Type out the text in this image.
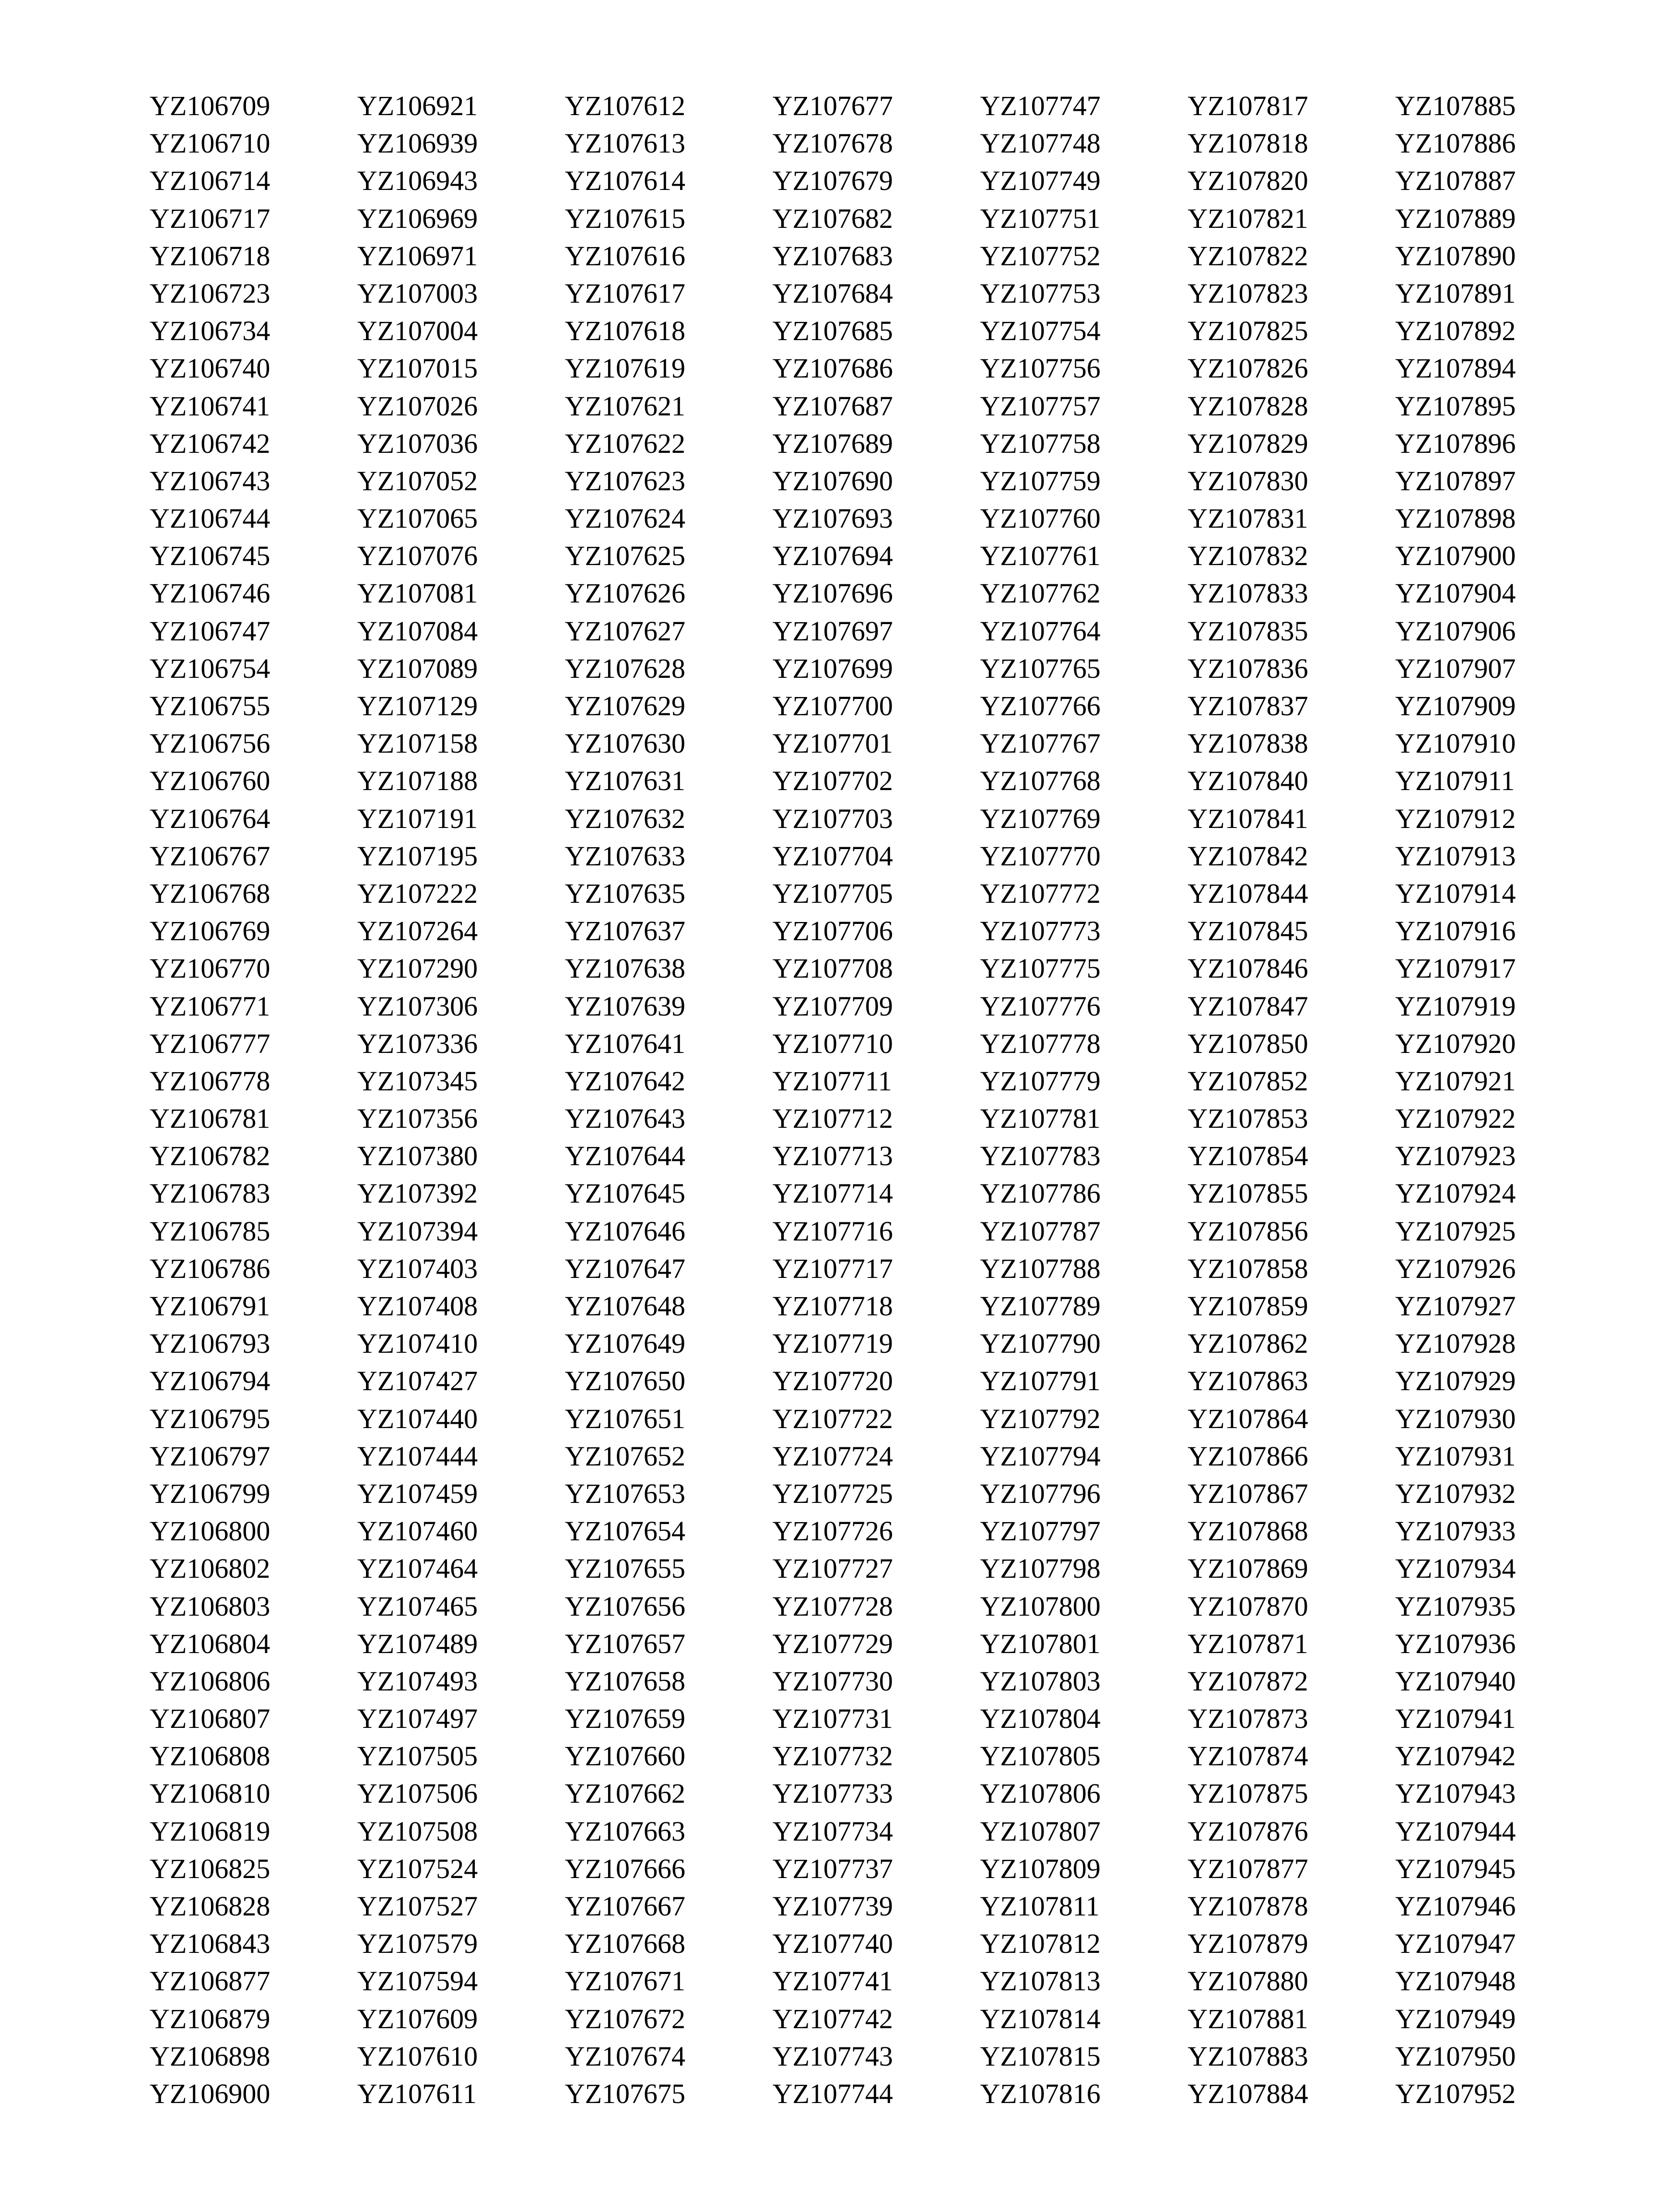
YZ106709
YZ106710
YZ106714
YZ106717
YZ106718
YZ106723
YZ106734
YZ106740
YZ106741
YZ106742
YZ106743
YZ106744
YZ106745
YZ106746
YZ106747
YZ106754
YZ106755
YZ106756
YZ106760
YZ106764
YZ106767
YZ106768
YZ106769
YZ106770
YZ106771
YZ106777
YZ106778
YZ106781
YZ106782
YZ106783
YZ106785
YZ106786
YZ106791
YZ106793
YZ106794
YZ106795
YZ106797
YZ106799
YZ106800
YZ106802
YZ106803
YZ106804
YZ106806
YZ106807
YZ106808
YZ106810
YZ106819
YZ106825
YZ106828
YZ106843
YZ106877
YZ106879
YZ106898
YZ106900
YZ106921
YZ106939
YZ106943
YZ106969
YZ106971
YZ107003
YZ107004
YZ107015
YZ107026
YZ107036
YZ107052
YZ107065
YZ107076
YZ107081
YZ107084
YZ107089
YZ107129
YZ107158
YZ107188
YZ107191
YZ107195
YZ107222
YZ107264
YZ107290
YZ107306
YZ107336
YZ107345
YZ107356
YZ107380
YZ107392
YZ107394
YZ107403
YZ107408
YZ107410
YZ107427
YZ107440
YZ107444
YZ107459
YZ107460
YZ107464
YZ107465
YZ107489
YZ107493
YZ107497
YZ107505
YZ107506
YZ107508
YZ107524
YZ107527
YZ107579
YZ107594
YZ107609
YZ107610
YZ107611
YZ107612
YZ107613
YZ107614
YZ107615
YZ107616
YZ107617
YZ107618
YZ107619
YZ107621
YZ107622
YZ107623
YZ107624
YZ107625
YZ107626
YZ107627
YZ107628
YZ107629
YZ107630
YZ107631
YZ107632
YZ107633
YZ107635
YZ107637
YZ107638
YZ107639
YZ107641
YZ107642
YZ107643
YZ107644
YZ107645
YZ107646
YZ107647
YZ107648
YZ107649
YZ107650
YZ107651
YZ107652
YZ107653
YZ107654
YZ107655
YZ107656
YZ107657
YZ107658
YZ107659
YZ107660
YZ107662
YZ107663
YZ107666
YZ107667
YZ107668
YZ107671
YZ107672
YZ107674
YZ107675
YZ107677
YZ107678
YZ107679
YZ107682
YZ107683
YZ107684
YZ107685
YZ107686
YZ107687
YZ107689
YZ107690
YZ107693
YZ107694
YZ107696
YZ107697
YZ107699
YZ107700
YZ107701
YZ107702
YZ107703
YZ107704
YZ107705
YZ107706
YZ107708
YZ107709
YZ107710
YZ107711
YZ107712
YZ107713
YZ107714
YZ107716
YZ107717
YZ107718
YZ107719
YZ107720
YZ107722
YZ107724
YZ107725
YZ107726
YZ107727
YZ107728
YZ107729
YZ107730
YZ107731
YZ107732
YZ107733
YZ107734
YZ107737
YZ107739
YZ107740
YZ107741
YZ107742
YZ107743
YZ107744
YZ107747
YZ107748
YZ107749
YZ107751
YZ107752
YZ107753
YZ107754
YZ107756
YZ107757
YZ107758
YZ107759
YZ107760
YZ107761
YZ107762
YZ107764
YZ107765
YZ107766
YZ107767
YZ107768
YZ107769
YZ107770
YZ107772
YZ107773
YZ107775
YZ107776
YZ107778
YZ107779
YZ107781
YZ107783
YZ107786
YZ107787
YZ107788
YZ107789
YZ107790
YZ107791
YZ107792
YZ107794
YZ107796
YZ107797
YZ107798
YZ107800
YZ107801
YZ107803
YZ107804
YZ107805
YZ107806
YZ107807
YZ107809
YZ107811
YZ107812
YZ107813
YZ107814
YZ107815
YZ107816
YZ107817
YZ107818
YZ107820
YZ107821
YZ107822
YZ107823
YZ107825
YZ107826
YZ107828
YZ107829
YZ107830
YZ107831
YZ107832
YZ107833
YZ107835
YZ107836
YZ107837
YZ107838
YZ107840
YZ107841
YZ107842
YZ107844
YZ107845
YZ107846
YZ107847
YZ107850
YZ107852
YZ107853
YZ107854
YZ107855
YZ107856
YZ107858
YZ107859
YZ107862
YZ107863
YZ107864
YZ107866
YZ107867
YZ107868
YZ107869
YZ107870
YZ107871
YZ107872
YZ107873
YZ107874
YZ107875
YZ107876
YZ107877
YZ107878
YZ107879
YZ107880
YZ107881
YZ107883
YZ107884
YZ107885
YZ107886
YZ107887
YZ107889
YZ107890
YZ107891
YZ107892
YZ107894
YZ107895
YZ107896
YZ107897
YZ107898
YZ107900
YZ107904
YZ107906
YZ107907
YZ107909
YZ107910
YZ107911
YZ107912
YZ107913
YZ107914
YZ107916
YZ107917
YZ107919
YZ107920
YZ107921
YZ107922
YZ107923
YZ107924
YZ107925
YZ107926
YZ107927
YZ107928
YZ107929
YZ107930
YZ107931
YZ107932
YZ107933
YZ107934
YZ107935
YZ107936
YZ107940
YZ107941
YZ107942
YZ107943
YZ107944
YZ107945
YZ107946
YZ107947
YZ107948
YZ107949
YZ107950
YZ107952
